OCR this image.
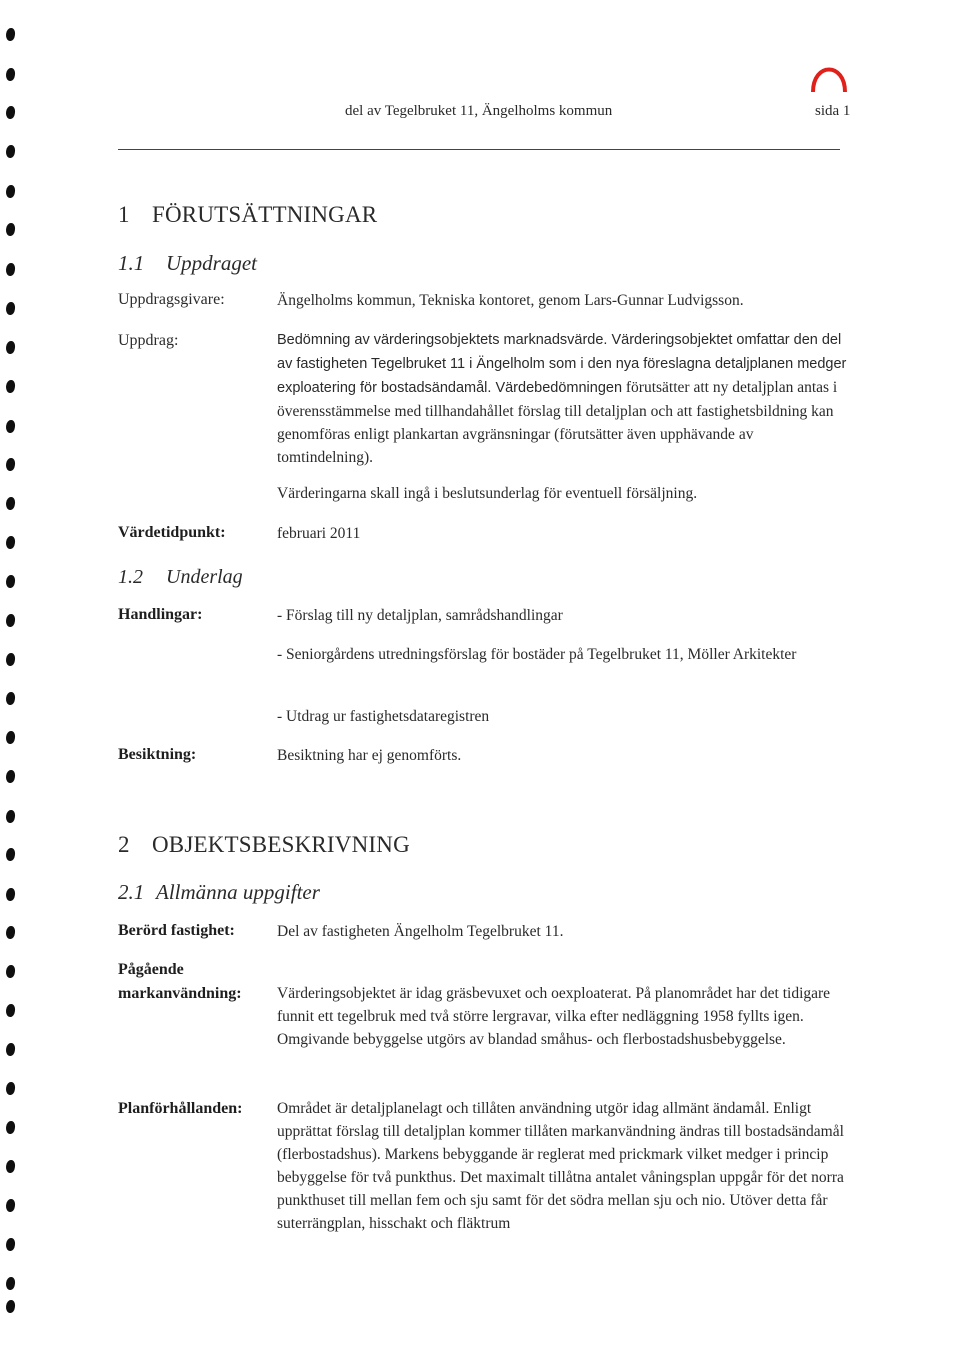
del av Tegelbruket 11, Ängelholms kommun	sida 1
1 FÖRUTSÄTTNINGAR
1.1 Uppdraget
Uppdragsgivare:	Ängelholms kommun, Tekniska kontoret, genom Lars-Gunnar Ludvigsson.
Uppdrag:	Bedömning av värderingsobjektets marknadsvärde. Värderingsobjektet omfattar den del av fastigheten Tegelbruket 11 i Ängelholm som i den nya föreslagna detaljplanen medger exploatering för bostadsändamål. Värdebedömningen förutsätter att ny detaljplan antas i överensstämmelse med tillhandahållet förslag till detaljplan och att fastighetsbildning kan genomföras enligt plankartan avgränsningar (förutsätter även upphävande av tomtindelning).
Värderingarna skall ingå i beslutsunderlag för eventuell försäljning.
Värdetidpunkt:	februari 2011
1.2 Underlag
Handlingar:	- Förslag till ny detaljplan, samrådshandlingar
- Seniorgårdens utredningsförslag för bostäder på Tegelbruket 11, Möller Arkitekter
- Utdrag ur fastighetsdataregistren
Besiktning:	Besiktning har ej genomförts.
2 OBJEKTSBESKRIVNING
2.1 Allmänna uppgifter
Berörd fastighet:	Del av fastigheten Ängelholm Tegelbruket 11.
Pågående
markanvändning: Värderingsobjektet är idag gräsbevuxet och oexploaterat. På planområdet har det tidigare funnit ett tegelbruk med två större lergravar, vilka efter nedläggning 1958 fyllts igen. Omgivande bebyggelse utgörs av blandad småhus- och flerbostadshusbebyggelse.
Planförhållanden: Området är detaljplanelagt och tillåten användning utgör idag allmänt ändamål. Enligt upprättat förslag till detaljplan kommer tillåten markanvändning ändras till bostadsändamål (flerbostadshus). Markens bebyggande är reglerat med prickmark vilket medger i princip bebyggelse för två punkthus. Det maximalt tillåtna antalet våningsplan uppgår för det norra punkthuset till mellan fem och sju samt för det södra mellan sju och nio. Utöver detta får suterrängplan, hisschakt och fläktrum
